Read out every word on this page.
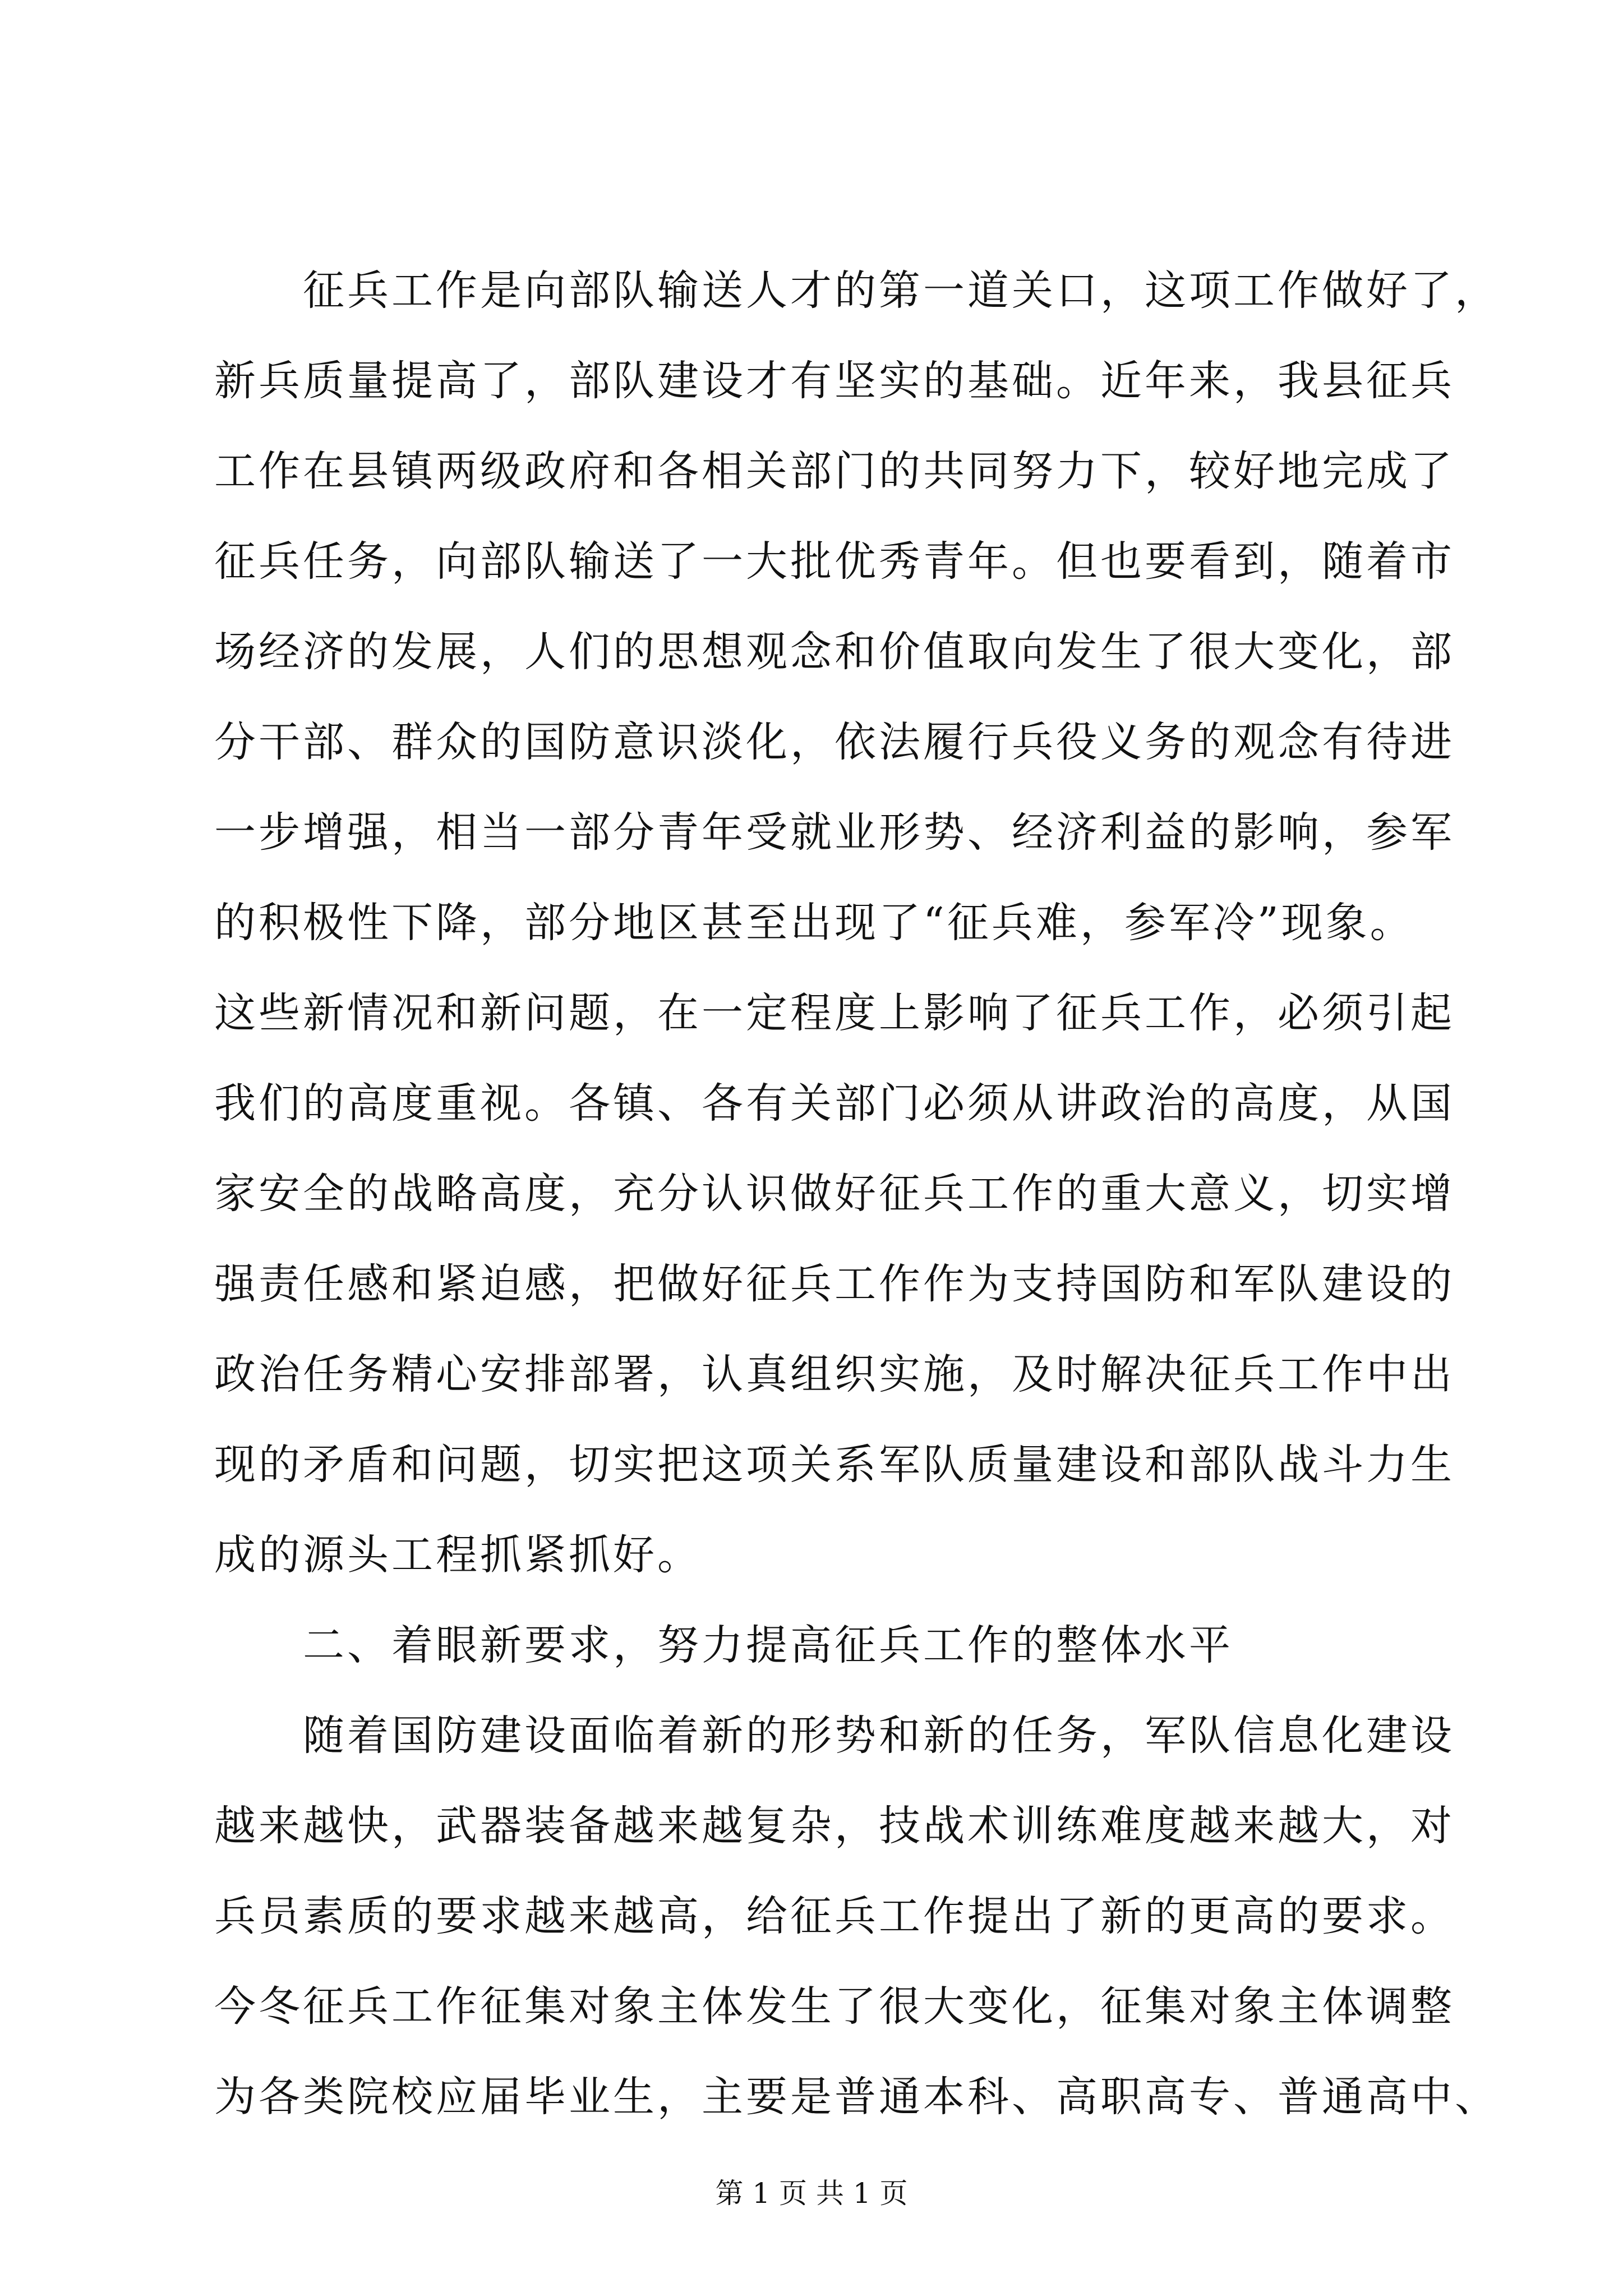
　　征兵工作是向部队输送人才的第一道关口，这项工作做好了，
新兵质量提高了，部队建设才有坚实的基础。近年来，我县征兵
工作在县镇两级政府和各相关部门的共同努力下，较好地完成了
征兵任务，向部队输送了一大批优秀青年。但也要看到，随着市
场经济的发展，人们的思想观念和价值取向发生了很大变化，部
分干部、群众的国防意识淡化，依法履行兵役义务的观念有待进
一步增强，相当一部分青年受就业形势、经济利益的影响，参军
的积极性下降，部分地区甚至出现了“征兵难，参军冷”现象。
这些新情况和新问题，在一定程度上影响了征兵工作，必须引起
我们的高度重视。各镇、各有关部门必须从讲政治的高度，从国
家安全的战略高度，充分认识做好征兵工作的重大意义，切实增
强责任感和紧迫感，把做好征兵工作作为支持国防和军队建设的
政治任务精心安排部署，认真组织实施，及时解决征兵工作中出
现的矛盾和问题，切实把这项关系军队质量建设和部队战斗力生
成的源头工程抓紧抓好。
　　二、着眼新要求，努力提高征兵工作的整体水平
　　随着国防建设面临着新的形势和新的任务，军队信息化建设
越来越快，武器装备越来越复杂，技战术训练难度越来越大，对
兵员素质的要求越来越高，给征兵工作提出了新的更高的要求。
今冬征兵工作征集对象主体发生了很大变化，征集对象主体调整
为各类院校应届毕业生，主要是普通本科、高职高专、普通高中、
第 1 页 共 1 页
